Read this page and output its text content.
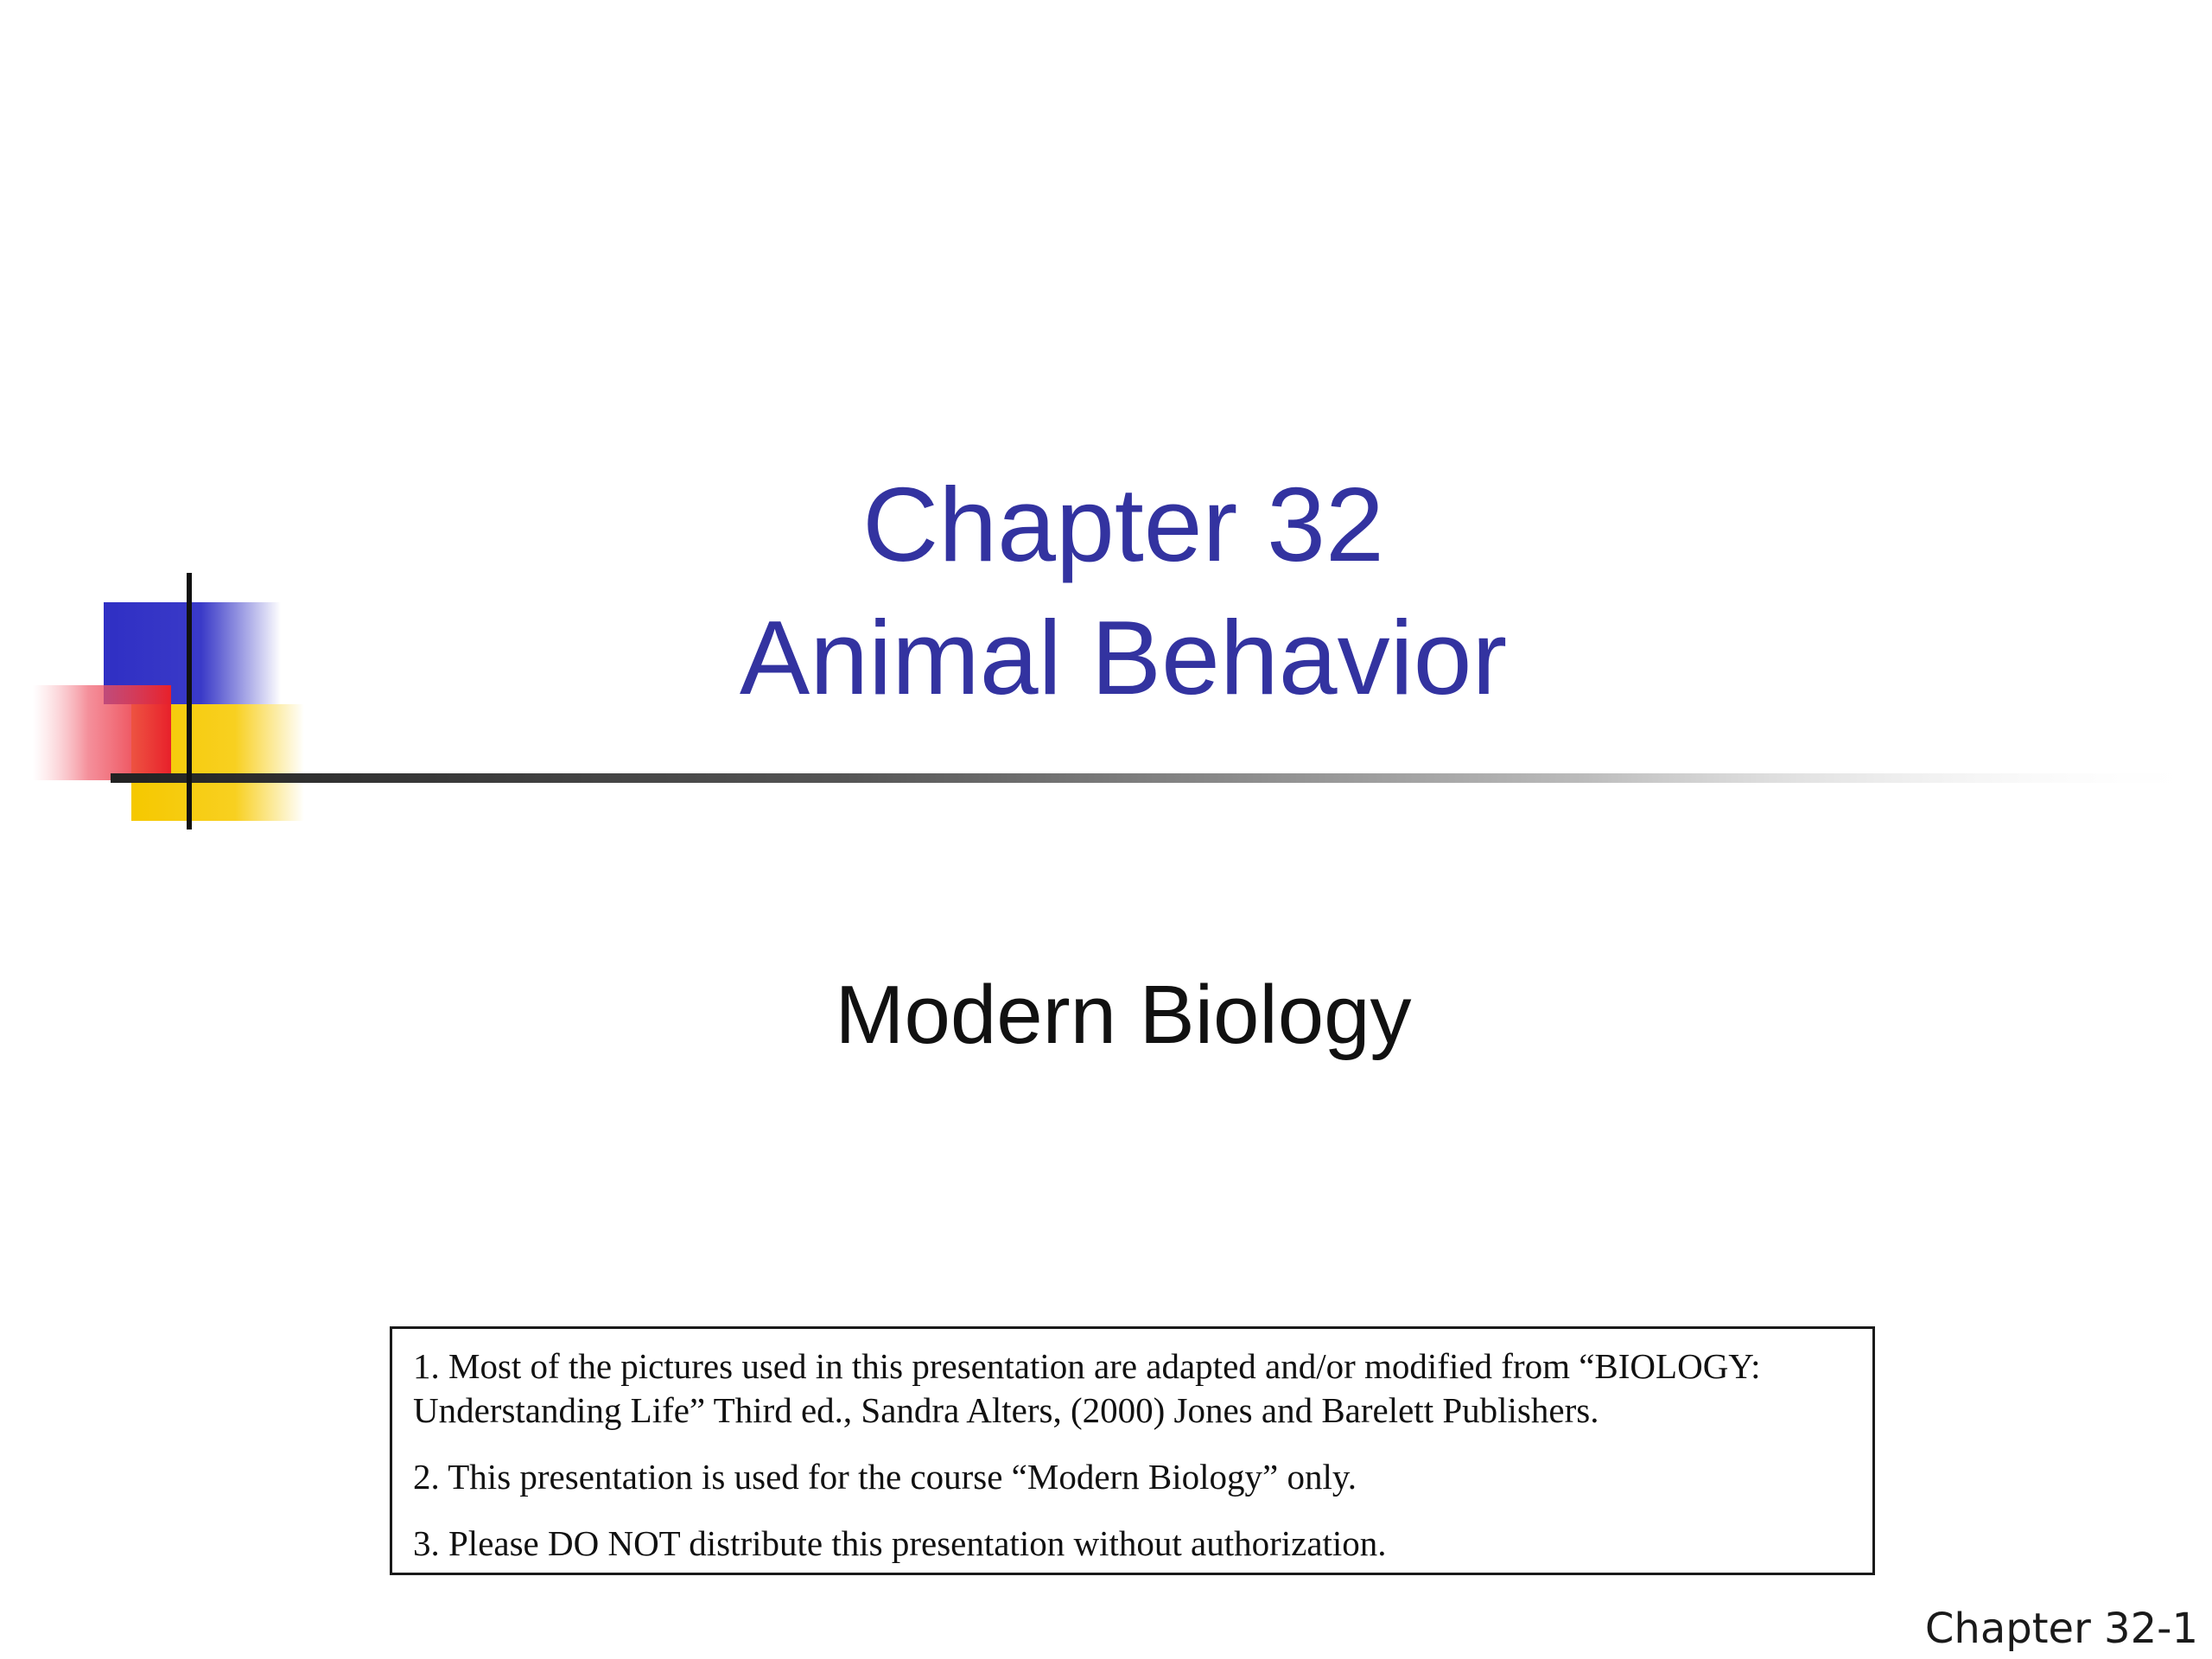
Chapter 32
Animal Behavior
Modern Biology

1. Most of the pictures used in this presentation are adapted and/or modified from “BIOLOGY: Understanding Life” Third ed., Sandra Alters, (2000) Jones and Barelett Publishers.

2. This presentation is used for the course “Modern Biology” only.

3. Please DO NOT distribute this presentation without authorization.

Chapter 32-1
